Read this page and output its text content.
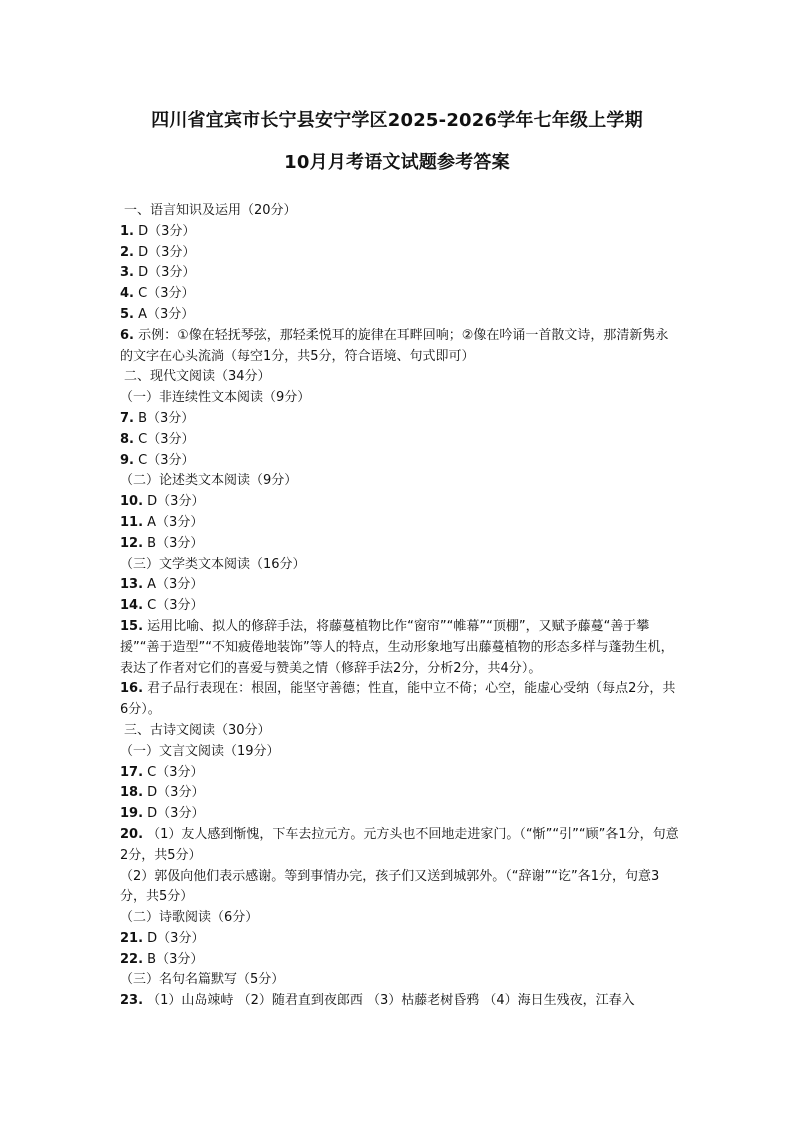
四川省宜宾市长宁县安宁学区2025-2026学年七年级上学期
10月月考语文试题参考答案
一、语言知识及运用（20分）
1. D（3分）
2. D（3分）
3. D（3分）
4. C（3分）
5. A（3分）
6. 示例：①像在轻抚琴弦，那轻柔悦耳的旋律在耳畔回响；②像在吟诵一首散文诗，那清新隽永的文字在心头流淌（每空1分，共5分，符合语境、句式即可）
二、现代文阅读（34分）
（一）非连续性文本阅读（9分）
7. B（3分）
8. C（3分）
9. C（3分）
（二）论述类文本阅读（9分）
10. D（3分）
11. A（3分）
12. B（3分）
（三）文学类文本阅读（16分）
13. A（3分）
14. C（3分）
15. 运用比喻、拟人的修辞手法，将藤蔓植物比作“窗帘”“帷幕”“顶棚”，又赋予藤蔓“善于攀援”“善于造型”“不知疲倦地装饰”等人的特点，生动形象地写出藤蔓植物的形态多样与蓬勃生机，表达了作者对它们的喜爱与赞美之情（修辞手法2分，分析2分，共4分）。
16. 君子品行表现在：根固，能坚守善德；性直，能中立不倚；心空，能虚心受纳（每点2分，共6分）。
三、古诗文阅读（30分）
（一）文言文阅读（19分）
17. C（3分）
18. D（3分）
19. D（3分）
20. （1）友人感到惭愧，下车去拉元方。元方头也不回地走进家门。（“惭”“引”“顾”各1分，句意2分，共5分）
（2）郭伋向他们表示感谢。等到事情办完，孩子们又送到城郭外。（“辞谢”“讫”各1分，句意3分，共5分）
（二）诗歌阅读（6分）
21. D（3分）
22. B（3分）
（三）名句名篇默写（5分）
23. （1）山岛竦峙 （2）随君直到夜郎西 （3）枯藤老树昏鸦 （4）海日生残夜，江春入
